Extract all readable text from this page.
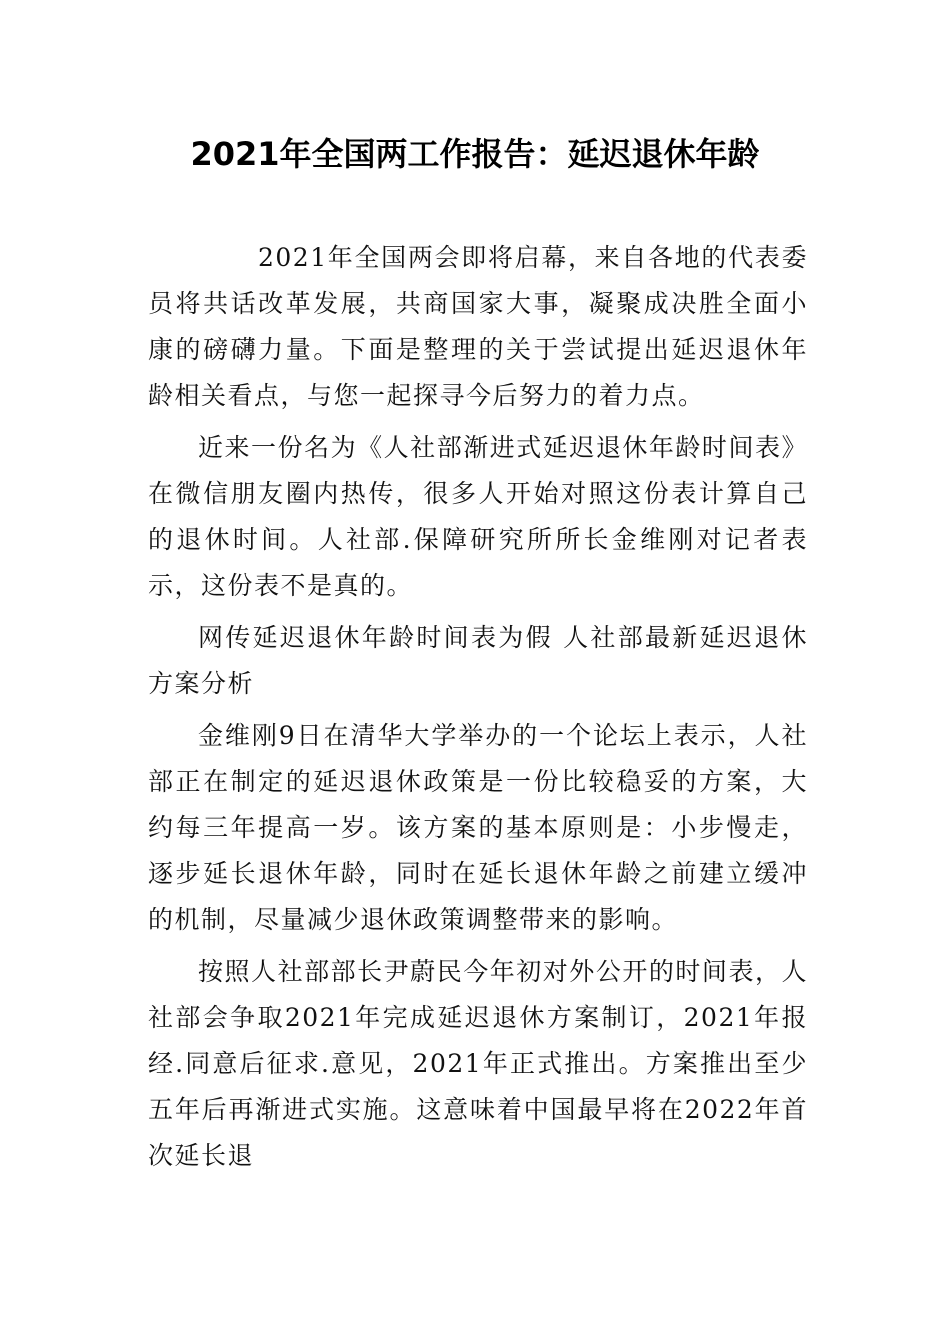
2021年全国两工作报告：延迟退休年龄

2021年全国两会即将启幕，来自各地的代表委员将共话改革发展，共商国家大事，凝聚成决胜全面小康的磅礴力量。下面是整理的关于尝试提出延迟退休年龄相关看点，与您一起探寻今后努力的着力点。

近来一份名为《人社部渐进式延迟退休年龄时间表》在微信朋友圈内热传，很多人开始对照这份表计算自己的退休时间。人社部.保障研究所所长金维刚对记者表示，这份表不是真的。

网传延迟退休年龄时间表为假 人社部最新延迟退休方案分析

金维刚9日在清华大学举办的一个论坛上表示，人社部正在制定的延迟退休政策是一份比较稳妥的方案，大约每三年提高一岁。该方案的基本原则是：小步慢走，逐步延长退休年龄，同时在延长退休年龄之前建立缓冲的机制，尽量减少退休政策调整带来的影响。

按照人社部部长尹蔚民今年初对外公开的时间表，人社部会争取2021年完成延迟退休方案制订，2021年报经.同意后征求.意见，2021年正式推出。方案推出至少五年后再渐进式实施。这意味着中国最早将在2022年首次延长退
